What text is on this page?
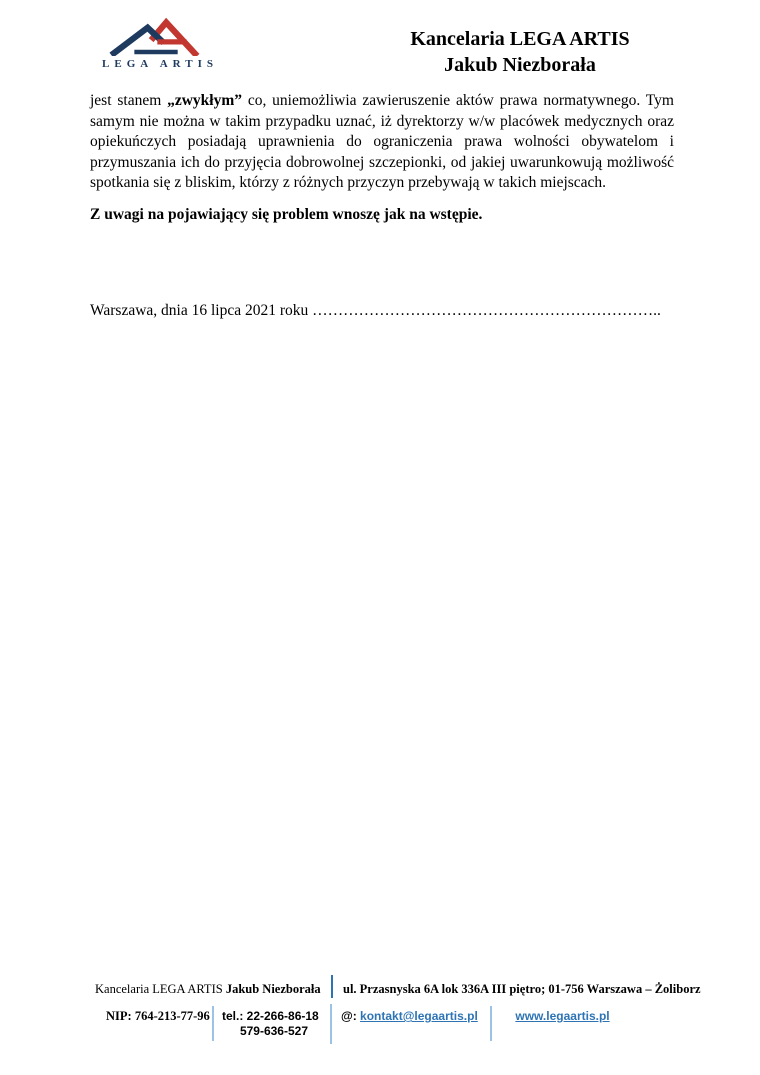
LEGA ARTIS
Kancelaria LEGA ARTIS
Jakub Niezborała

jest stanem „zwykłym” co, uniemożliwia zawieruszenie aktów prawa normatywnego. Tym samym nie można w takim przypadku uznać, iż dyrektorzy w/w placówek medycznych oraz opiekuńczych posiadają uprawnienia do ograniczenia prawa wolności obywatelom i przymuszania ich do przyjęcia dobrowolnej szczepionki, od jakiej uwarunkowują możliwość spotkania się z bliskim, którzy z różnych przyczyn przebywają w takich miejscach.

Z uwagi na pojawiający się problem wnoszę jak na wstępie.

Warszawa, dnia 16 lipca 2021 roku …………………………………………………………..

Kancelaria LEGA ARTIS Jakub Niezborała ul. Przasnyska 6A lok 336A III piętro; 01-756 Warszawa – Żoliborz
NIP: 764-213-77-96 tel.: 22-266-86-18
579-636-527
@: kontakt@legaartis.pl	www.legaartis.pl
